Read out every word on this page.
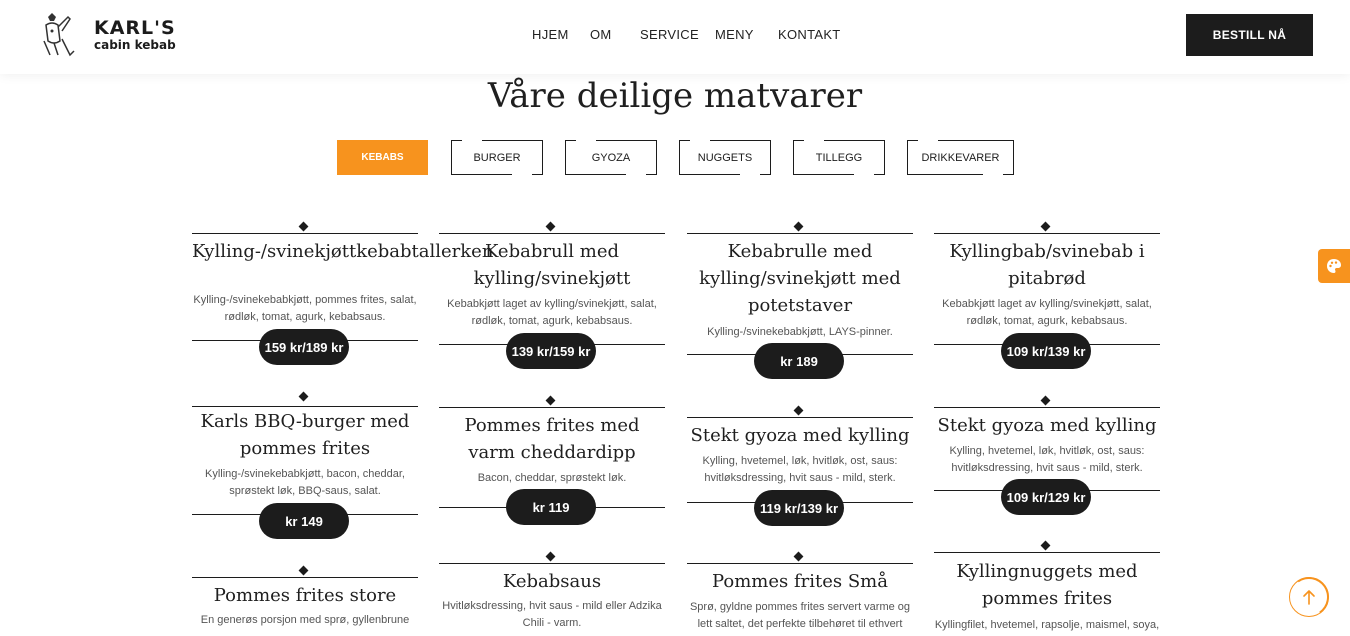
KARL'S
cabin kebab
HJEM OM SERVICE MENY KONTAKT	BESTILL NÅ
Våre deilige matvarer
KEBABS	BURGER	GYOZA	NUGGETS	TILLEGG	DRIKKEVARER
Kylling-/svinekjøttkebabtallerken
Kylling-/svinekebabkjøtt, pommes frites, salat, rødløk, tomat, agurk, kebabsaus.
159 kr/189 kr
Karls BBQ-burger med pommes frites
Kylling-/svinekebabkjøtt, bacon, cheddar, sprøstekt løk, BBQ-saus, salat.
kr 149
Pommes frites store
En generøs porsjon med sprø, gyllenbrune
Kebabrull med kylling/svinekjøtt
Kebabkjøtt laget av kylling/svinekjøtt, salat, rødløk, tomat, agurk, kebabsaus.
139 kr/159 kr
Pommes frites med varm cheddardipp
Bacon, cheddar, sprøstekt løk.
kr 119
Kebabsaus
Hvitløksdressing, hvit saus - mild eller Adzika Chili - varm.
Kebabrulle med kylling/svinekjøtt med potetstaver
Kylling-/svinekebabkjøtt, LAYS-pinner.
kr 189
Stekt gyoza med kylling
Kylling, hvetemel, løk, hvitløk, ost, saus: hvitløksdressing, hvit saus - mild, sterk.
119 kr/139 kr
Pommes frites Små
Sprø, gyldne pommes frites servert varme og lett saltet, det perfekte tilbehøret til ethvert
Kyllingbab/svinebab i pitabrød
Kebabkjøtt laget av kylling/svinekjøtt, salat, rødløk, tomat, agurk, kebabsaus.
109 kr/139 kr
Stekt gyoza med kylling
Kylling, hvetemel, løk, hvitløk, ost, saus: hvitløksdressing, hvit saus - mild, sterk.
109 kr/129 kr
Kyllingnuggets med pommes frites
Kyllingfilet, hvetemel, rapsolje, maismel, soya,
